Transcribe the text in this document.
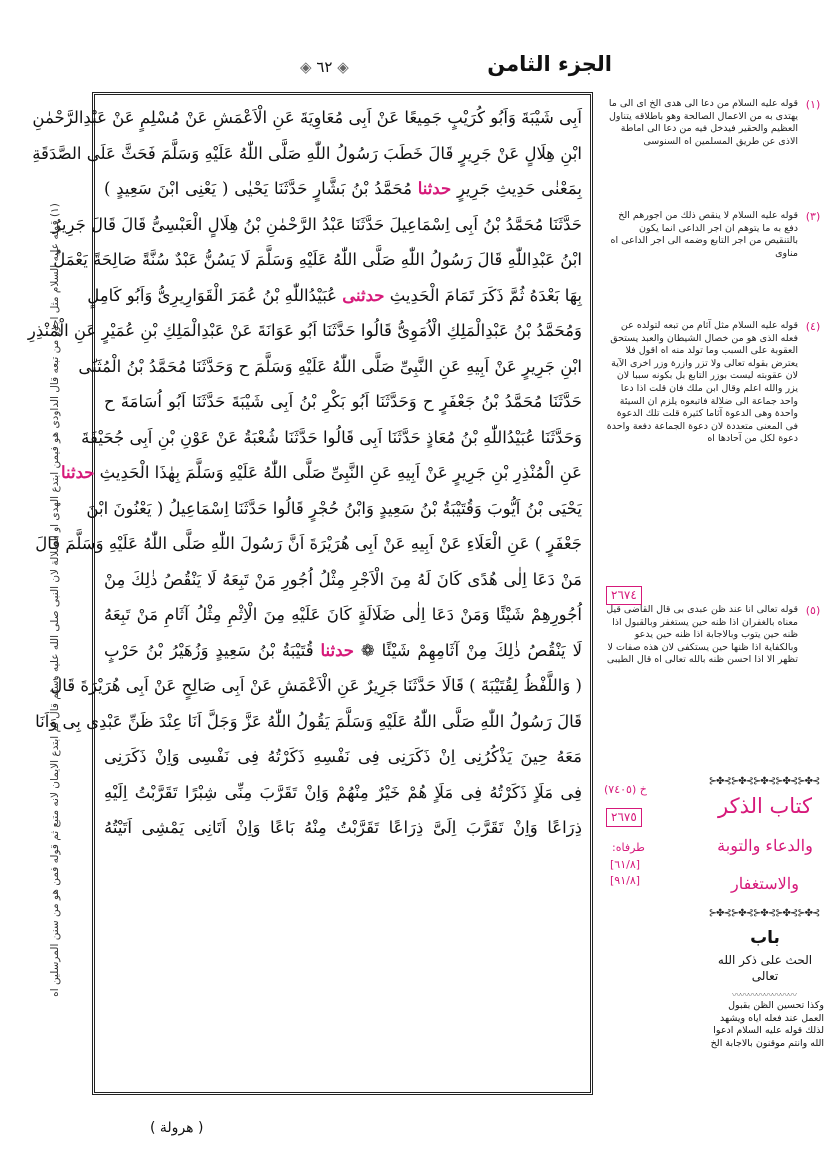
الجزء الثامن
◈ ٦٢ ◈
اَبِی شَیْبَةَ وَاَبُو کُرَیْبٍ جَمِیعًا عَنْ اَبِی مُعَاوِیَةَ عَنِ الْاَعْمَشِ عَنْ مُسْلِمٍ عَنْ عَبْدِالرَّحْمٰنِ
ابْنِ هِلَالٍ عَنْ جَرِیرٍ قَالَ خَطَبَ رَسُولُ اللّٰهِ صَلَّى اللّٰهُ عَلَیْهِ وَسَلَّمَ فَحَثَّ عَلَى الصَّدَقَةِ
بِمَعْنٰى حَدِیثِ جَرِیرٍ حدثنا مُحَمَّدُ بْنُ بَشَّارٍ حَدَّثَنَا یَحْیٰى ( یَعْنِی ابْنَ سَعِیدٍ )
حَدَّثَنَا مُحَمَّدُ بْنُ اَبِی اِسْمَاعِیلَ حَدَّثَنَا عَبْدُ الرَّحْمٰنِ بْنُ هِلَالٍ الْعَبْسِیُّ قَالَ قَالَ جَرِیرُ
ابْنُ عَبْدِاللّٰهِ قَالَ رَسُولُ اللّٰهِ صَلَّى اللّٰهُ عَلَیْهِ وَسَلَّمَ لَا یَسُنُّ عَبْدٌ سُنَّةً صَالِحَةً یَعْمَلُ
بِهَا بَعْدَهُ ثُمَّ ذَكَرَ تَمَامَ الْحَدِیثِ حدثنی عُبَیْدُاللّٰهِ بْنُ عُمَرَ الْقَوَارِیرِیُّ وَاَبُو کَامِلٍ
وَمُحَمَّدُ بْنُ عَبْدِالْمَلِكِ الْاُمَوِیُّ قَالُوا حَدَّثَنَا اَبُو عَوَانَةَ عَنْ عَبْدِالْمَلِكِ بْنِ عُمَیْرٍ عَنِ الْمُنْذِرِ
ابْنِ جَرِیرٍ عَنْ اَبِیهِ عَنِ النَّبِیِّ صَلَّى اللّٰهُ عَلَیْهِ وَسَلَّمَ ح وَحَدَّثَنَا مُحَمَّدُ بْنُ الْمُثَنّٰى
حَدَّثَنَا مُحَمَّدُ بْنُ جَعْفَرٍ ح وَحَدَّثَنَا اَبُو بَكْرِ بْنُ اَبِی شَیْبَةَ حَدَّثَنَا اَبُو اُسَامَةَ ح
وَحَدَّثَنَا عُبَیْدُاللّٰهِ بْنُ مُعَاذٍ حَدَّثَنَا اَبِی قَالُوا حَدَّثَنَا شُعْبَةُ عَنْ عَوْنِ بْنِ اَبِی جُحَیْفَةَ
عَنِ الْمُنْذِرِ بْنِ جَرِیرٍ عَنْ اَبِیهِ عَنِ النَّبِیِّ صَلَّى اللّٰهُ عَلَیْهِ وَسَلَّمَ بِهٰذَا الْحَدِیثِ حدثنا
یَحْیَى بْنُ اَیُّوبَ وَقُتَیْبَةُ بْنُ سَعِیدٍ وَابْنُ حُجْرٍ قَالُوا حَدَّثَنَا اِسْمَاعِیلُ ( یَعْنُونَ ابْنَ
جَعْفَرٍ ) عَنِ الْعَلَاءِ عَنْ اَبِیهِ عَنْ اَبِی هُرَیْرَةَ اَنَّ رَسُولَ اللّٰهِ صَلَّى اللّٰهُ عَلَیْهِ وَسَلَّمَ قَالَ
مَنْ دَعَا اِلٰى هُدًى كَانَ لَهُ مِنَ الْاَجْرِ مِثْلُ اُجُورِ مَنْ تَبِعَهُ لَا یَنْقُصُ ذٰلِكَ مِنْ
اُجُورِهِمْ شَیْئًا وَمَنْ دَعَا اِلٰى ضَلَالَةٍ كَانَ عَلَیْهِ مِنَ الْاِثْمِ مِثْلُ آثَامِ مَنْ تَبِعَهُ
لَا یَنْقُصُ ذٰلِكَ مِنْ آثَامِهِمْ شَیْئًا ❁ حدثنا قُتَیْبَةُ بْنُ سَعِیدٍ وَزُهَیْرُ بْنُ حَرْبٍ
( وَاللَّفْظُ لِقُتَیْبَةَ ) قَالَا حَدَّثَنَا جَرِیرٌ عَنِ الْاَعْمَشِ عَنْ اَبِی صَالِحٍ عَنْ اَبِی هُرَیْرَةَ قَالَ
قَالَ رَسُولُ اللّٰهِ صَلَّى اللّٰهُ عَلَیْهِ وَسَلَّمَ یَقُولُ اللّٰهُ عَزَّ وَجَلَّ اَنَا عِنْدَ ظَنِّ عَبْدِی بِی وَاَنَا
مَعَهُ حِینَ یَذْكُرُنِی اِنْ ذَكَرَنِی فِی نَفْسِهِ ذَكَرْتُهُ فِی نَفْسِی وَاِنْ ذَكَرَنِی
فِی مَلَاٍ ذَكَرْتُهُ فِی مَلَاٍ هُمْ خَیْرٌ مِنْهُمْ وَاِنْ تَقَرَّبَ مِنِّی شِبْرًا تَقَرَّبْتُ اِلَیْهِ
ذِرَاعًا وَاِنْ تَقَرَّبَ اِلَیَّ ذِرَاعًا تَقَرَّبْتُ مِنْهُ بَاعًا وَاِنْ اَتَانِی یَمْشِی اَتَیْتُهُ
(١) قوله عليه السلام مثل اجور من تبعه قال الداودى هو فيمن ابتدع الهدى او الضلالة لان النبى صلى الله عليه وسلم قال لم ابتدع الايمان لانه متبع ثم قوله فمن هو من سنن المرسلين اه
(١)
قوله عليه السلام من دعا الى هدى الخ اى الى ما يهتدى به من الاعمال الصالحة وهو باطلاقه يتناول العظيم والحقير فيدخل فيه من دعا الى اماطة الاذى عن طريق المسلمين اه السنوسى
(٣)
قوله عليه السلام لا ينقص ذلك من اجورهم الخ دفع به ما يتوهم ان اجر الداعى انما يكون بالتنقيص من اجر التابع وضمه الى اجر الداعى اه مناوى
(٤)
قوله عليه السلام مثل آثام من تبعه لتولده عن فعله الذى هو من خصال الشيطان والعبد يستحق العقوبة على السبب وما تولد منه اه اقول فلا يعترض بقوله تعالى ولا تزر وازرة وزر اخرى الآية لان عقوبته ليست بوزر التابع بل بكونه سببا لان يزر والله اعلم وقال ابن ملك فان قلت اذا دعا واحد جماعة الى ضلالة فاتبعوه يلزم ان السيئة واحدة وهى الدعوة آثاما كثيرة قلت تلك الدعوة فى المعنى متعددة لان دعوة الجماعة دفعة واحدة دعوة لكل من آحادها اه
٢٦٧٤
(٥)
قوله تعالى انا عند ظن عبدى بى قال القاضى قيل معناه بالغفران اذا ظنه حين يستغفر وبالقبول اذا ظنه حين يتوب وبالاجابة اذا ظنه حين يدعو وبالكفاية اذا ظنها حين يستكفى لان هذه صفات لا تظهر الا اذا احسن ظنه بالله تعالى اه قال الطيبى
⊱✤⊰⊱✤⊰⊱✤⊰⊱✤⊰⊱✤⊰
خ (٧٤٠٥)
٢٦٧٥
طرفاه:
[٦١/٨]
[٩١/٨]
كتاب الذكر
والدعاء والتوبة
والاستغفار
⊱✤⊰⊱✤⊰⊱✤⊰⊱✤⊰⊱✤⊰
باب
الحث على ذكر الله تعالى
〰〰〰〰〰〰〰〰
وكذا تحسين الظن بقبول العمل عند فعله اياه ويشهد لذلك قوله عليه السلام ادعوا الله وانتم موقنون بالاجابة الخ
( هرولة )
